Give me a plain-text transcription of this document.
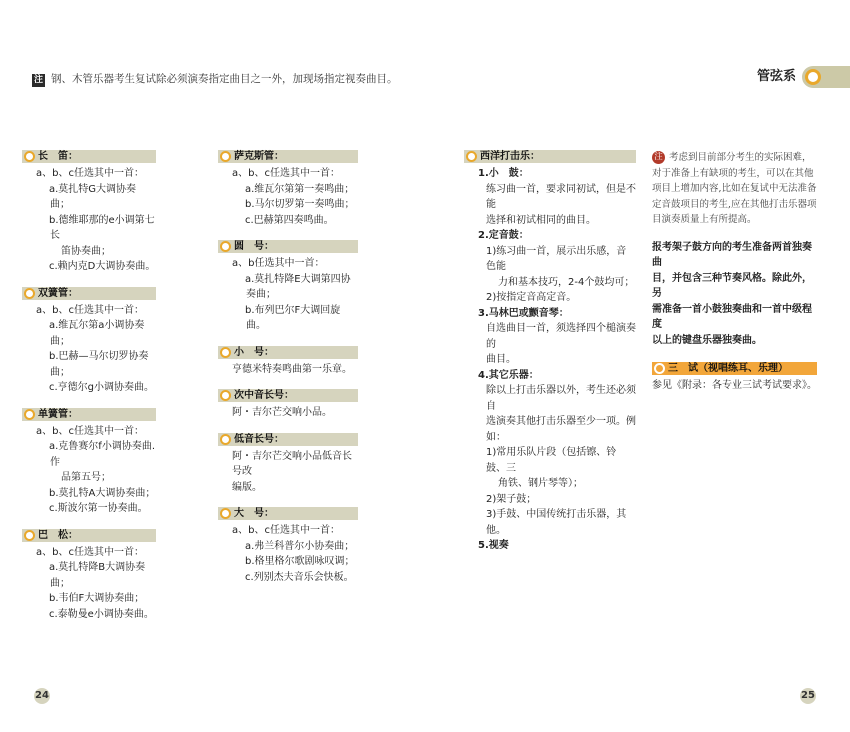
注 钢、木管乐器考生复试除必须演奏指定曲目之一外，加现场指定视奏曲目。	管弦系
长　笛：
a、b、c任选其中一首：
a.莫扎特G大调协奏曲；
b.德维耶那的e小调第七长
笛协奏曲；
c.赖内克D大调协奏曲。
双簧管：
a、b、c任选其中一首：
a.维瓦尔第a小调协奏曲；
b.巴赫—马尔切罗协奏曲；
c.亨德尔g小调协奏曲。
单簧管：
a、b、c任选其中一首：
a.克鲁赛尔f小调协奏曲.作
品第五号；
b.莫扎特A大调协奏曲；
c.斯波尔第一协奏曲。
巴　松：
a、b、c任选其中一首：
a.莫扎特降B大调协奏曲；
b.韦伯F大调协奏曲；
c.泰勒曼e小调协奏曲。
萨克斯管：
a、b、c任选其中一首：
a.维瓦尔第第一奏鸣曲；
b.马尔切罗第一奏鸣曲；
c.巴赫第四奏鸣曲。
圆　号：
a、b任选其中一首：
a.莫扎特降E大调第四协奏曲；
b.布列巴尔F大调回旋曲。
小　号：
亨德米特奏鸣曲第一乐章。
次中音长号：
阿・吉尔芒交响小品。
低音长号：
阿・吉尔芒交响小品低音长号改
编版。
大　号：
a、b、c任选其中一首：
a.弗兰科普尔小协奏曲；
b.格里格尔歌剧咏叹调；
c.列别杰夫音乐会快板。
西洋打击乐：
1.小　鼓：
练习曲一首，要求同初试，但是不能
选择和初试相同的曲目。
2.定音鼓：
1)练习曲一首，展示出乐感，音色能
力和基本技巧，2-4个鼓均可；
2)按指定音高定音。
3.马林巴或颤音琴：
自选曲目一首，须选择四个槌演奏的
曲目。
4.其它乐器：
除以上打击乐器以外，考生还必须自
选演奏其他打击乐器至少一项。例如：
1)常用乐队片段（包括镲、铃鼓、三
角铁、钢片琴等）；
2)架子鼓；
3)手鼓、中国传统打击乐器，其他。
5.视奏
注 考虑到目前部分考生的实际困难，
对于准备上有缺项的考生，可以在其他
项目上增加内容,比如在复试中无法准备
定音鼓项目的考生,应在其他打击乐器项
目演奏质量上有所提高。
报考架子鼓方向的考生准备两首独奏曲
目，并包含三种节奏风格。除此外，另
需准备一首小鼓独奏曲和一首中级程度
以上的键盘乐器独奏曲。
三　试（视唱练耳、乐理）
参见《附录：各专业三试考试要求》。
24	25
